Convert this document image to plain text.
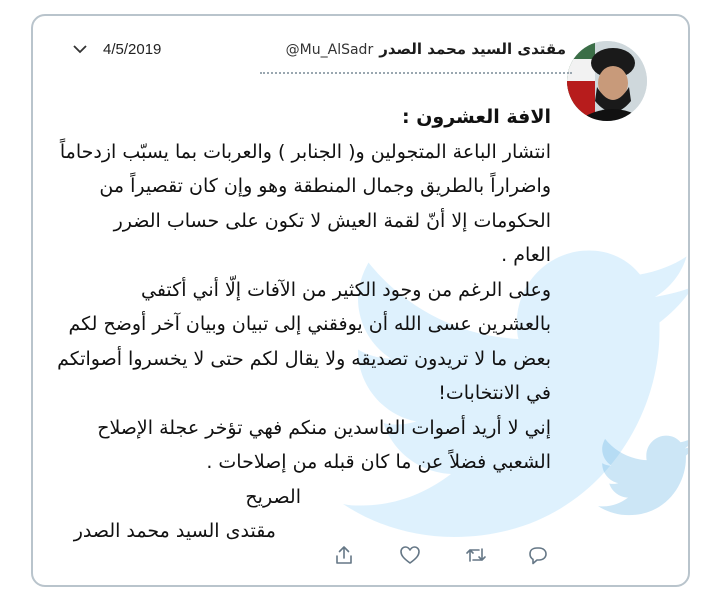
مقتدى السيد محمد الصدر@Mu_AlSadr
4/5/2019

الافة العشرون :

انتشار الباعة المتجولين و( الجنابر ) والعربات بما يسبّب ازدحاماً

واضراراً بالطريق وجمال المنطقة وهو وإن كان تقصيراً من

الحكومات إلا أنّ لقمة العيش لا تكون على حساب الضرر

العام .

وعلى الرغم من وجود الكثير من الآفات إلّا أني أكتفي

بالعشرين عسى الله أن يوفقني إلى تبيان وبيان آخر أوضح لكم

بعض ما لا تريدون تصديقه ولا يقال لكم حتى لا يخسروا أصواتكم

في الانتخابات!

إني لا أريد أصوات الفاسدين منكم فهي تؤخر عجلة الإصلاح

الشعبي فضلاً عن ما كان قبله من إصلاحات .

الصريح

مقتدى السيد محمد الصدر
